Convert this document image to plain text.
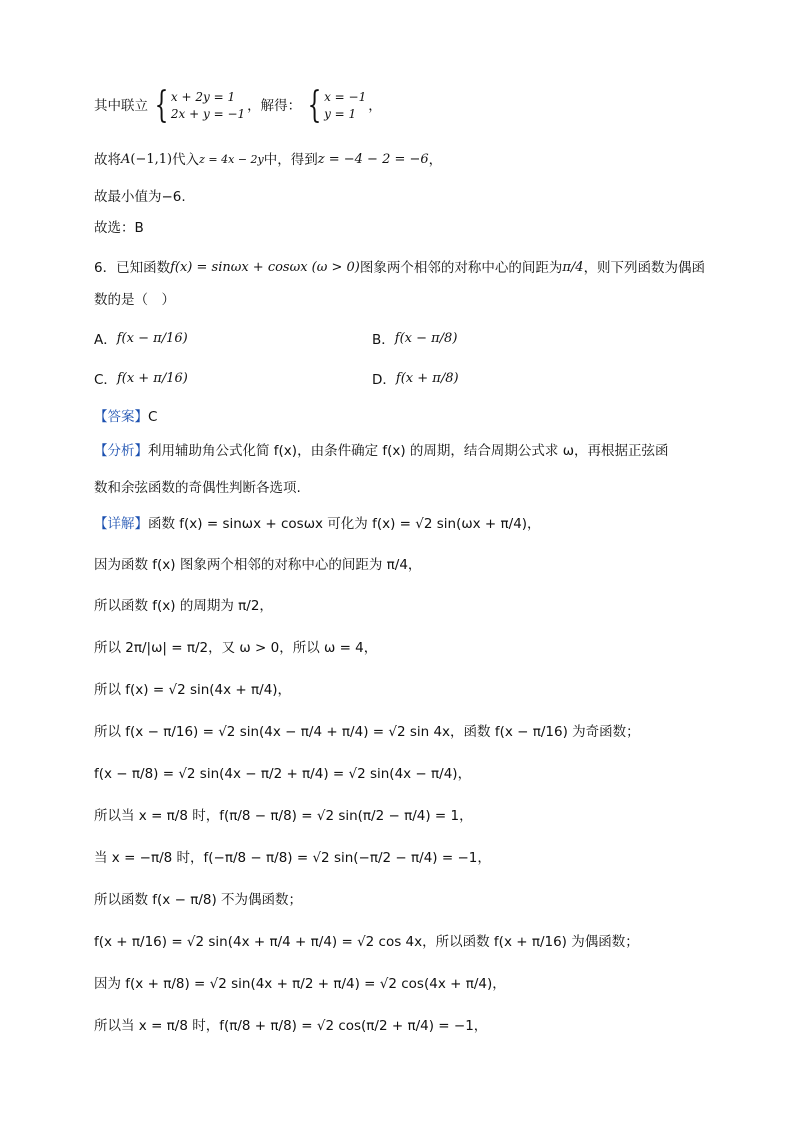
其中联立 { x + 2y = 1
2x + y = −1 ，解得： { x = −1
y = 1 ，
故将 A (−1,1) 代入 z = 4x − 2y 中，得到 z = −4 − 2 = −6 ，
故最小值为−6.
故选：B
6．已知函数 f(x) = sinωx + cosωx (ω > 0) 图象两个相邻的对称中心的间距为 π/4 ，则下列函数为偶函
数的是（　）
A． f(x − π/16)	B． f(x − π/8)
C． f(x + π/16)	D． f(x + π/8)
【答案】 C
【分析】 利用辅助角公式化简 f(x)，由条件确定 f(x) 的周期，结合周期公式求 ω，再根据正弦函
数和余弦函数的奇偶性判断各选项.
【详解】 函数 f(x) = sinωx + cosωx 可化为 f(x) = √2 sin(ωx + π/4)，
因为函数 f(x) 图象两个相邻的对称中心的间距为 π/4，
所以函数 f(x) 的周期为 π/2，
所以 2π/|ω| = π/2，又 ω > 0，所以 ω = 4，
所以 f(x) = √2 sin(4x + π/4)，
所以 f(x − π/16) = √2 sin(4x − π/4 + π/4) = √2 sin 4x，函数 f(x − π/16) 为奇函数；
f(x − π/8) = √2 sin(4x − π/2 + π/4) = √2 sin(4x − π/4)，
所以当 x = π/8 时，f(π/8 − π/8) = √2 sin(π/2 − π/4) = 1，
当 x = −π/8 时，f(−π/8 − π/8) = √2 sin(−π/2 − π/4) = −1，
所以函数 f(x − π/8) 不为偶函数；
f(x + π/16) = √2 sin(4x + π/4 + π/4) = √2 cos 4x，所以函数 f(x + π/16) 为偶函数；
因为 f(x + π/8) = √2 sin(4x + π/2 + π/4) = √2 cos(4x + π/4)，
所以当 x = π/8 时，f(π/8 + π/8) = √2 cos(π/2 + π/4) = −1，
